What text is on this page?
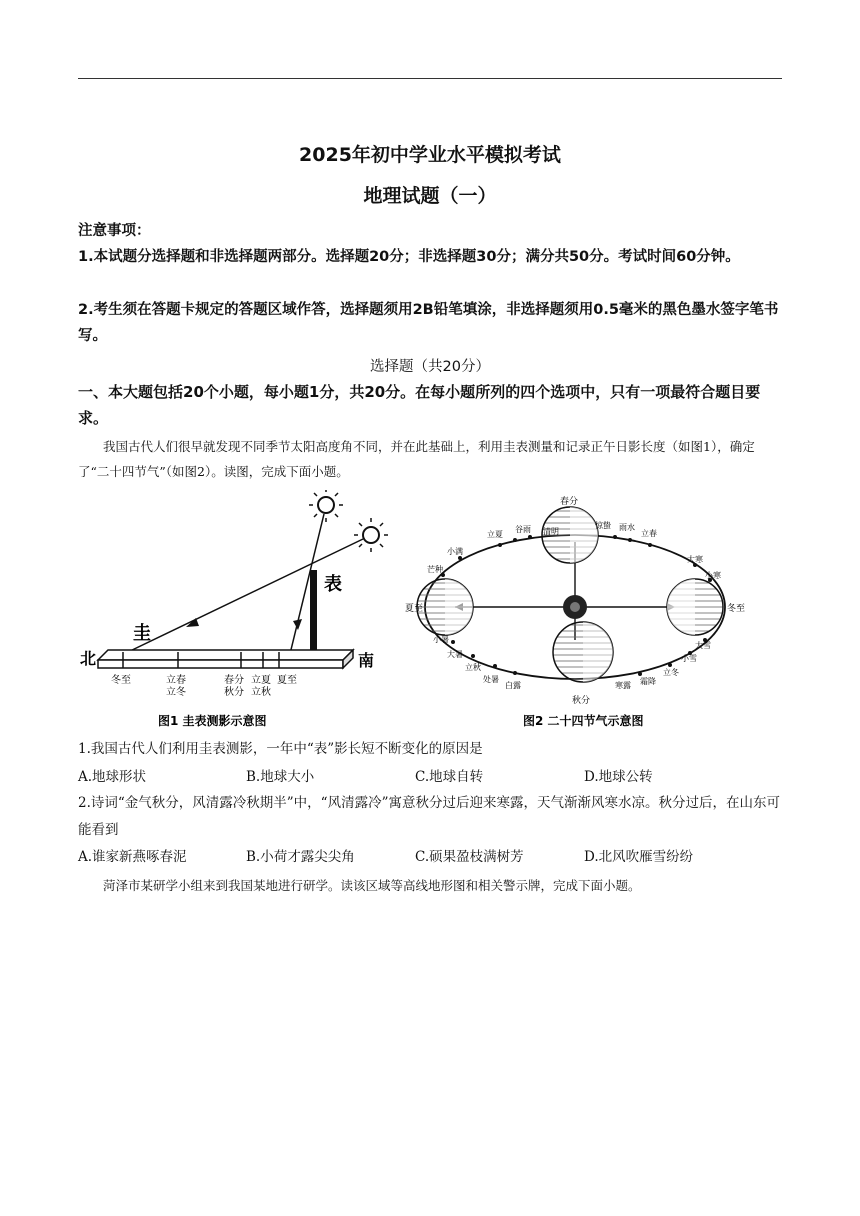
2025年初中学业水平模拟考试
地理试题（一）
注意事项：
1.本试题分选择题和非选择题两部分。选择题20分；非选择题30分；满分共50分。考试时间60分钟。
2.考生须在答题卡规定的答题区域作答，选择题须用2B铅笔填涂，非选择题须用0.5毫米的黑色墨水签字笔书写。
选择题（共20分）
一、本大题包括20个小题，每小题1分，共20分。在每小题所列的四个选项中，只有一项最符合题目要求。
我国古代人们很早就发现不同季节太阳高度角不同，并在此基础上，利用圭表测量和记录正午日影长度（如图1），确定了“二十四节气”（如图2）。读图，完成下面小题。
圭
表
北	南
冬至	立春
立冬
春分
秋分
立夏
立秋
夏至
图1 圭表测影示意图
夏至	冬至
秋分
春分
清明
谷雨
立夏
小满
芒种
小暑
大暑
立秋
处暑
白露	寒露 霜降
立冬
小雪
大雪
小寒
大寒
立春
雨水
惊蛰
图2 二十四节气示意图
1.我国古代人们利用圭表测影，一年中“表”影长短不断变化的原因是
A.地球形状	B.地球大小	C.地球自转	D.地球公转
2.诗词“金气秋分，风清露冷秋期半”中，“风清露冷”寓意秋分过后迎来寒露，天气渐渐风寒水凉。秋分过后，在山东可能看到
A.谁家新燕啄春泥	B.小荷才露尖尖角	C.硕果盈枝满树芳	D.北风吹雁雪纷纷
菏泽市某研学小组来到我国某地进行研学。读该区域等高线地形图和相关警示牌，完成下面小题。
